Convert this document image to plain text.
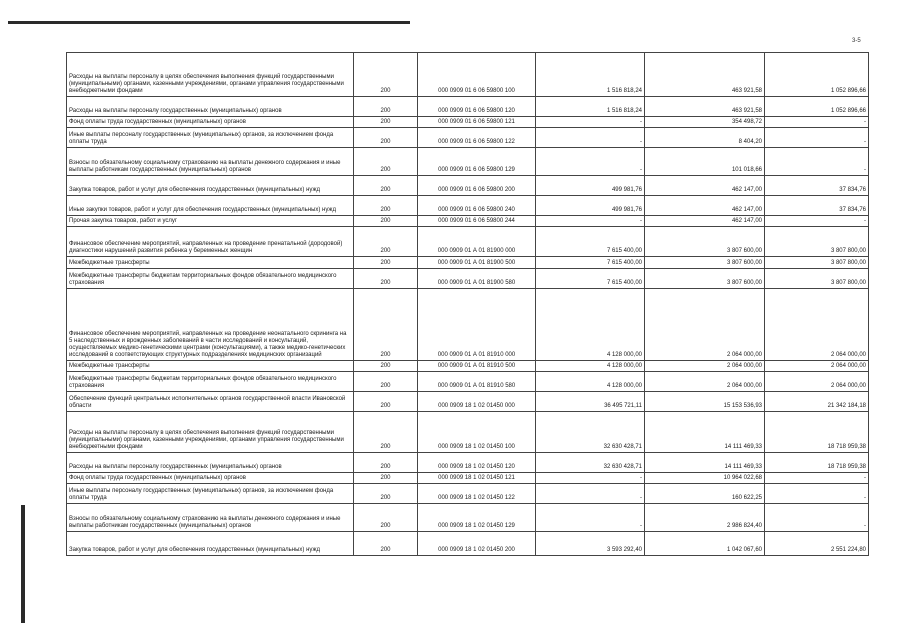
3-5
Расходы на выплаты персоналу в целях обеспечения выполнения функций государственными (муниципальными) органами, казенными учреждениями, органами управления государственными внебюджетными фондами	200	000 0909 01 6 06 59800 100	1 516 818,24	463 921,58	1 052 896,66
Расходы на выплаты персоналу государственных (муниципальных) органов	200	000 0909 01 6 06 59800 120	1 516 818,24	463 921,58	1 052 896,66
Фонд оплаты труда государственных (муниципальных) органов	200	000 0909 01 6 06 59800 121	-	354 498,72	-
Иные выплаты персоналу государственных (муниципальных) органов, за исключением фонда оплаты труда	200	000 0909 01 6 06 59800 122	-	8 404,20	-
Взносы по обязательному социальному страхованию на выплаты денежного содержания и иные выплаты работникам государственных (муниципальных) органов	200	000 0909 01 6 06 59800 129	-	101 018,66	-
Закупка товаров, работ и услуг для обеспечения государственных (муниципальных) нужд	200	000 0909 01 6 06 59800 200	499 981,76	462 147,00	37 834,76
Иные закупки товаров, работ и услуг для обеспечения государственных (муниципальных) нужд	200	000 0909 01 6 06 59800 240	499 981,76	462 147,00	37 834,76
Прочая закупка товаров, работ и услуг	200	000 0909 01 6 06 59800 244	-	462 147,00	-
Финансовое обеспечение мероприятий, направленных на проведение пренатальной (дородовой) диагностики нарушений развития ребенка у беременных женщин	200	000 0909 01 А 01 81900 000	7 615 400,00	3 807 600,00	3 807 800,00
Межбюджетные трансферты	200	000 0909 01 А 01 81900 500	7 615 400,00	3 807 600,00	3 807 800,00
Межбюджетные трансферты бюджетам территориальных фондов обязательного медицинского страхования	200	000 0909 01 А 01 81900 580	7 615 400,00	3 807 600,00	3 807 800,00
Финансовое обеспечение мероприятий, направленных на проведение неонатального скрининга на 5 наследственных и врожденных заболеваний в части исследований и консультаций, осуществляемых медико-генетическими центрами (консультациями), а также медико-генетических исследований в соответствующих структурных подразделениях медицинских организаций	200	000 0909 01 А 01 81910 000	4 128 000,00	2 064 000,00	2 064 000,00
Межбюджетные трансферты	200	000 0909 01 А 01 81910 500	4 128 000,00	2 064 000,00	2 064 000,00
Межбюджетные трансферты бюджетам территориальных фондов обязательного медицинского страхования	200	000 0909 01 А 01 81910 580	4 128 000,00	2 064 000,00	2 064 000,00
Обеспечение функций центральных исполнительных органов государственной власти Ивановской области	200	000 0909 18 1 02 01450 000	36 495 721,11	15 153 536,93	21 342 184,18
Расходы на выплаты персоналу в целях обеспечения выполнения функций государственными (муниципальными) органами, казенными учреждениями, органами управления государственными внебюджетными фондами	200	000 0909 18 1 02 01450 100	32 630 428,71	14 111 469,33	18 718 959,38
Расходы на выплаты персоналу государственных (муниципальных) органов	200	000 0909 18 1 02 01450 120	32 630 428,71	14 111 469,33	18 718 959,38
Фонд оплаты труда государственных (муниципальных) органов	200	000 0909 18 1 02 01450 121	-	10 964 022,68	-
Иные выплаты персоналу государственных (муниципальных) органов, за исключением фонда оплаты труда	200	000 0909 18 1 02 01450 122	-	160 622,25	-
Взносы по обязательному социальному страхованию на выплаты денежного содержания и иные выплаты работникам государственных (муниципальных) органов	200	000 0909 18 1 02 01450 129	-	2 986 824,40	-
Закупка товаров, работ и услуг для обеспечения государственных (муниципальных) нужд	200	000 0909 18 1 02 01450 200	3 593 292,40	1 042 067,60	2 551 224,80
